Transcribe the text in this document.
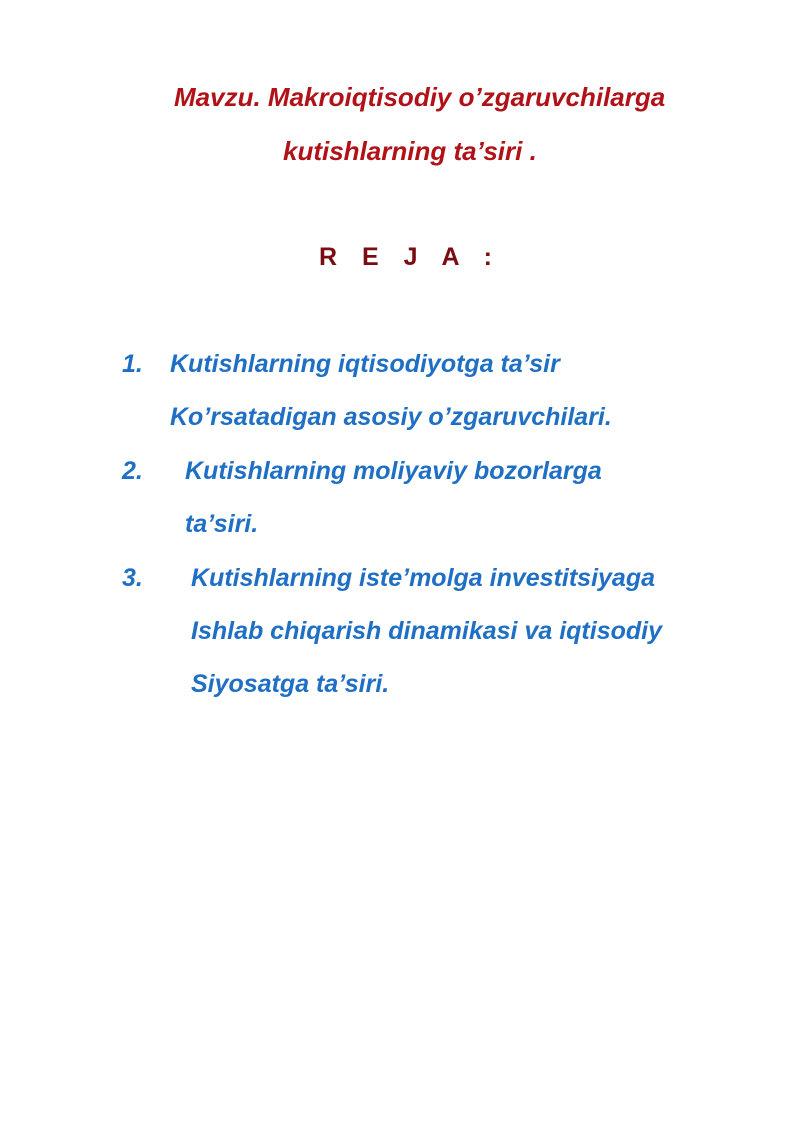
Mavzu. Makroiqtisodiy o’zgaruvchilarga
kutishlarning ta’siri .
R E J A :
1. Kutishlarning iqtisodiyotga ta’sir
Ko’rsatadigan asosiy o’zgaruvchilari.
2. Kutishlarning moliyaviy bozorlarga
ta’siri.
3. Kutishlarning iste’molga investitsiyaga
Ishlab chiqarish dinamikasi va iqtisodiy
Siyosatga ta’siri.
